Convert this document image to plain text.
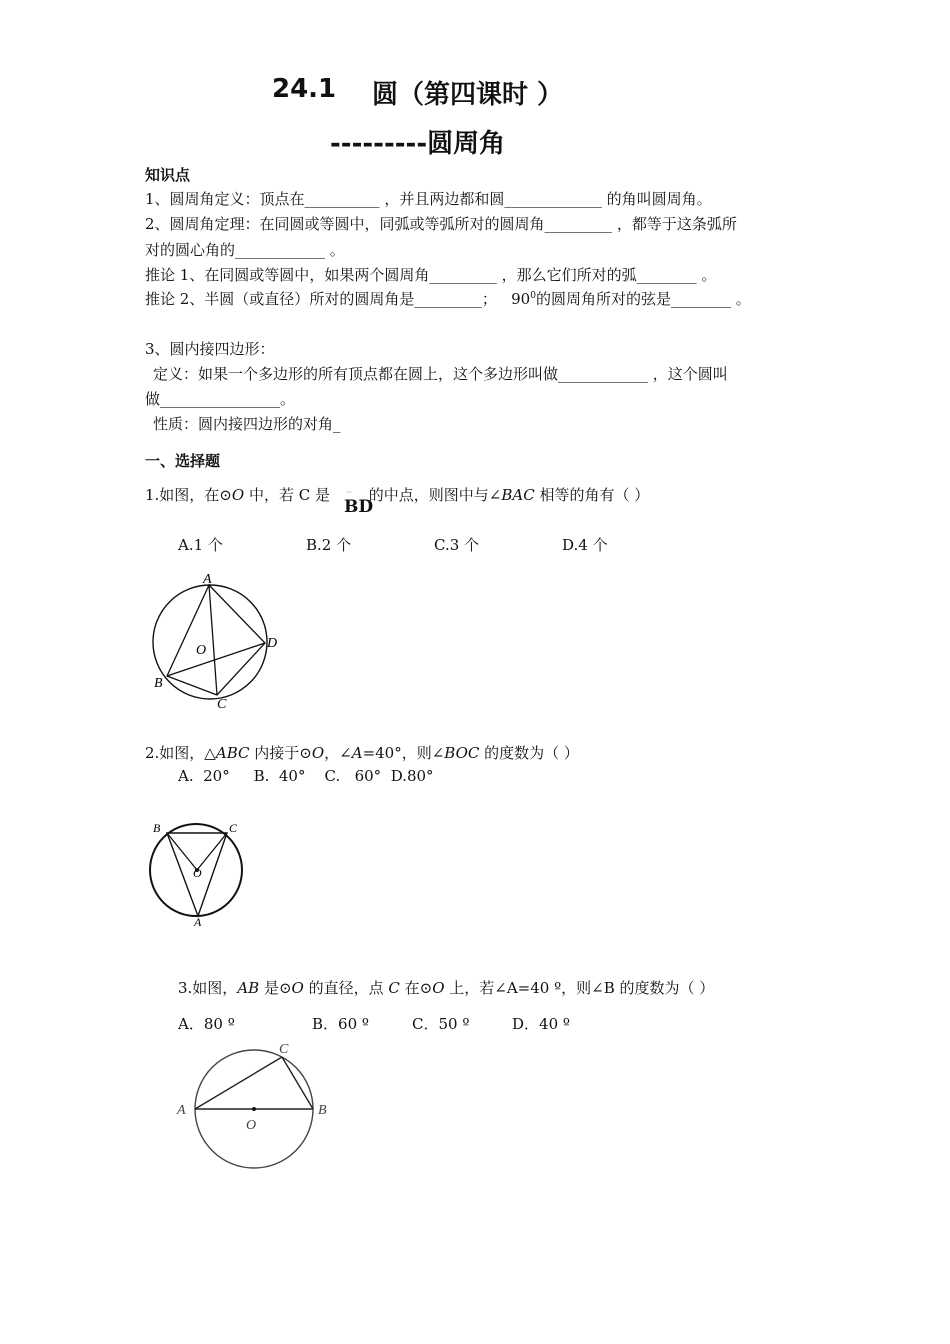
24.1 圆（第四课时 ）
---------圆周角
知识点
1、圆周角定义：顶点在__________ ，并且两边都和圆_____________ 的角叫圆周角。
2、圆周角定理：在同圆或等圆中，同弧或等弧所对的圆周角_________ ，都等于这条弧所
对的圆心角的____________ 。
推论 1、在同圆或等圆中，如果两个圆周角_________ ，那么它们所对的弧________ 。
推论 2、半圆（或直径）所对的圆周角是_________； $90^0$的圆周角所对的弦是________ 。
3、圆内接四边形：
定义：如果一个多边形的所有顶点都在圆上，这个多边形叫做____________ ，这个圆叫
做________________。
性质：圆内接四边形的对角_
一、选择题
1.如图，在⊙O 中，若 C 是 的中点，则图中与∠BAC 相等的角有（ ）
⌢
BD
A.1 个	B.2 个	C.3 个	D.4 个
A
D
O
B
C
2.如图，△ABC 内接于⊙O，∠A=40°，则∠BOC 的度数为（ ）
A.  20°     B.  40°    C.   60°  D.80°
B	C
O
A
3.如图，AB 是⊙O 的直径，点 C 在⊙O 上，若∠A=40 º，则∠B 的度数为（ ）
A．80 º	B．60 º	C．50 º	D．40 º
A	B
C
O
